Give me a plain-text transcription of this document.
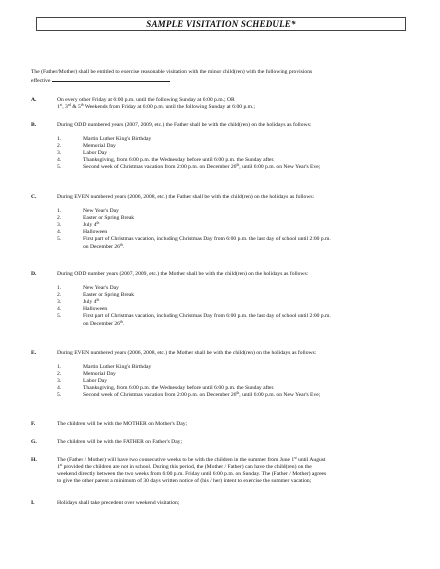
SAMPLE VISITATION SCHEDULE*
The (Father/Mother) shall be entitled to exercise reasonable visitation with the minor child(ren) with the following provisions
effective
A.	On every other Friday at 6:00 p.m. until the following Sunday at 6:00 p.m.; OR

1st, 3rd & 5th Weekends from Friday at 6:00 p.m. until the following Sunday at 6:00 p.m.;

B.	During ODD numbered years (2007, 2009, etc.) the Father shall be with the child(ren) on the holidays as follows:

1.	Martin Luther King's Birthday
2.	Memorial Day
3.	Labor Day
4.	Thanksgiving, from 6:00 p.m. the Wednesday before until 6:00 p.m. the Sunday after.
5.	Second week of Christmas vacation from 2:00 p.m. on December 26th, until 6:00 p.m. on New Year's Eve;
C.	During EVEN numbered years (2006, 2008, etc.) the Father shall be with the child(ren) on the holidays as follows:

1.	New Year's Day
2.	Easter or Spring Break
3.	July 4th
4.	Halloween
5.	First part of Christmas vacation, including Christmas Day from 6:00 p.m. the last day of school until 2:00 p.m.
on December 26th.
D.	During ODD number years (2007, 2009, etc.) the Mother shall be with the child(ren) on the holidays as follows:

1.	New Year's Day
2.	Easter or Spring Break
3.	July 4th
4.	Halloween
5.	First part of Christmas vacation, including Christmas Day from 6:00 p.m. the last day of school until 2:00 p.m.
on December 26th.
E.	During EVEN numbered years (2006, 2008, etc.) the Mother shall be with the child(ren) on the holidays as follows:

1.	Martin Luther King's Birthday
2.	Memorial Day
3.	Labor Day
4.	Thanksgiving, from 6:00 p.m. the Wednesday before until 6:00 p.m. the Sunday after.
5.	Second week of Christmas vacation from 2:00 p.m. on December 26th, until 6:00 p.m. on New Year's Eve;
F.	The children will be with the MOTHER on Mother's Day;

G.	The children will be with the FATHER on Father's Day;

H.	The (Father / Mother) will have two consecutive weeks to be with the children in the summer from June 1st until August

1st provided the children are not in school. During this period, the (Mother / Father) can have the child(ren) on the

weekend directly between the two weeks from 6:00 p.m. Friday until 6:00 p.m. on Sunday. The (Father / Mother) agrees

to give the other parent a minimum of 30 days written notice of (his / her) intent to exercise the summer vacation;

I.	Holidays shall take precedent over weekend visitation;
